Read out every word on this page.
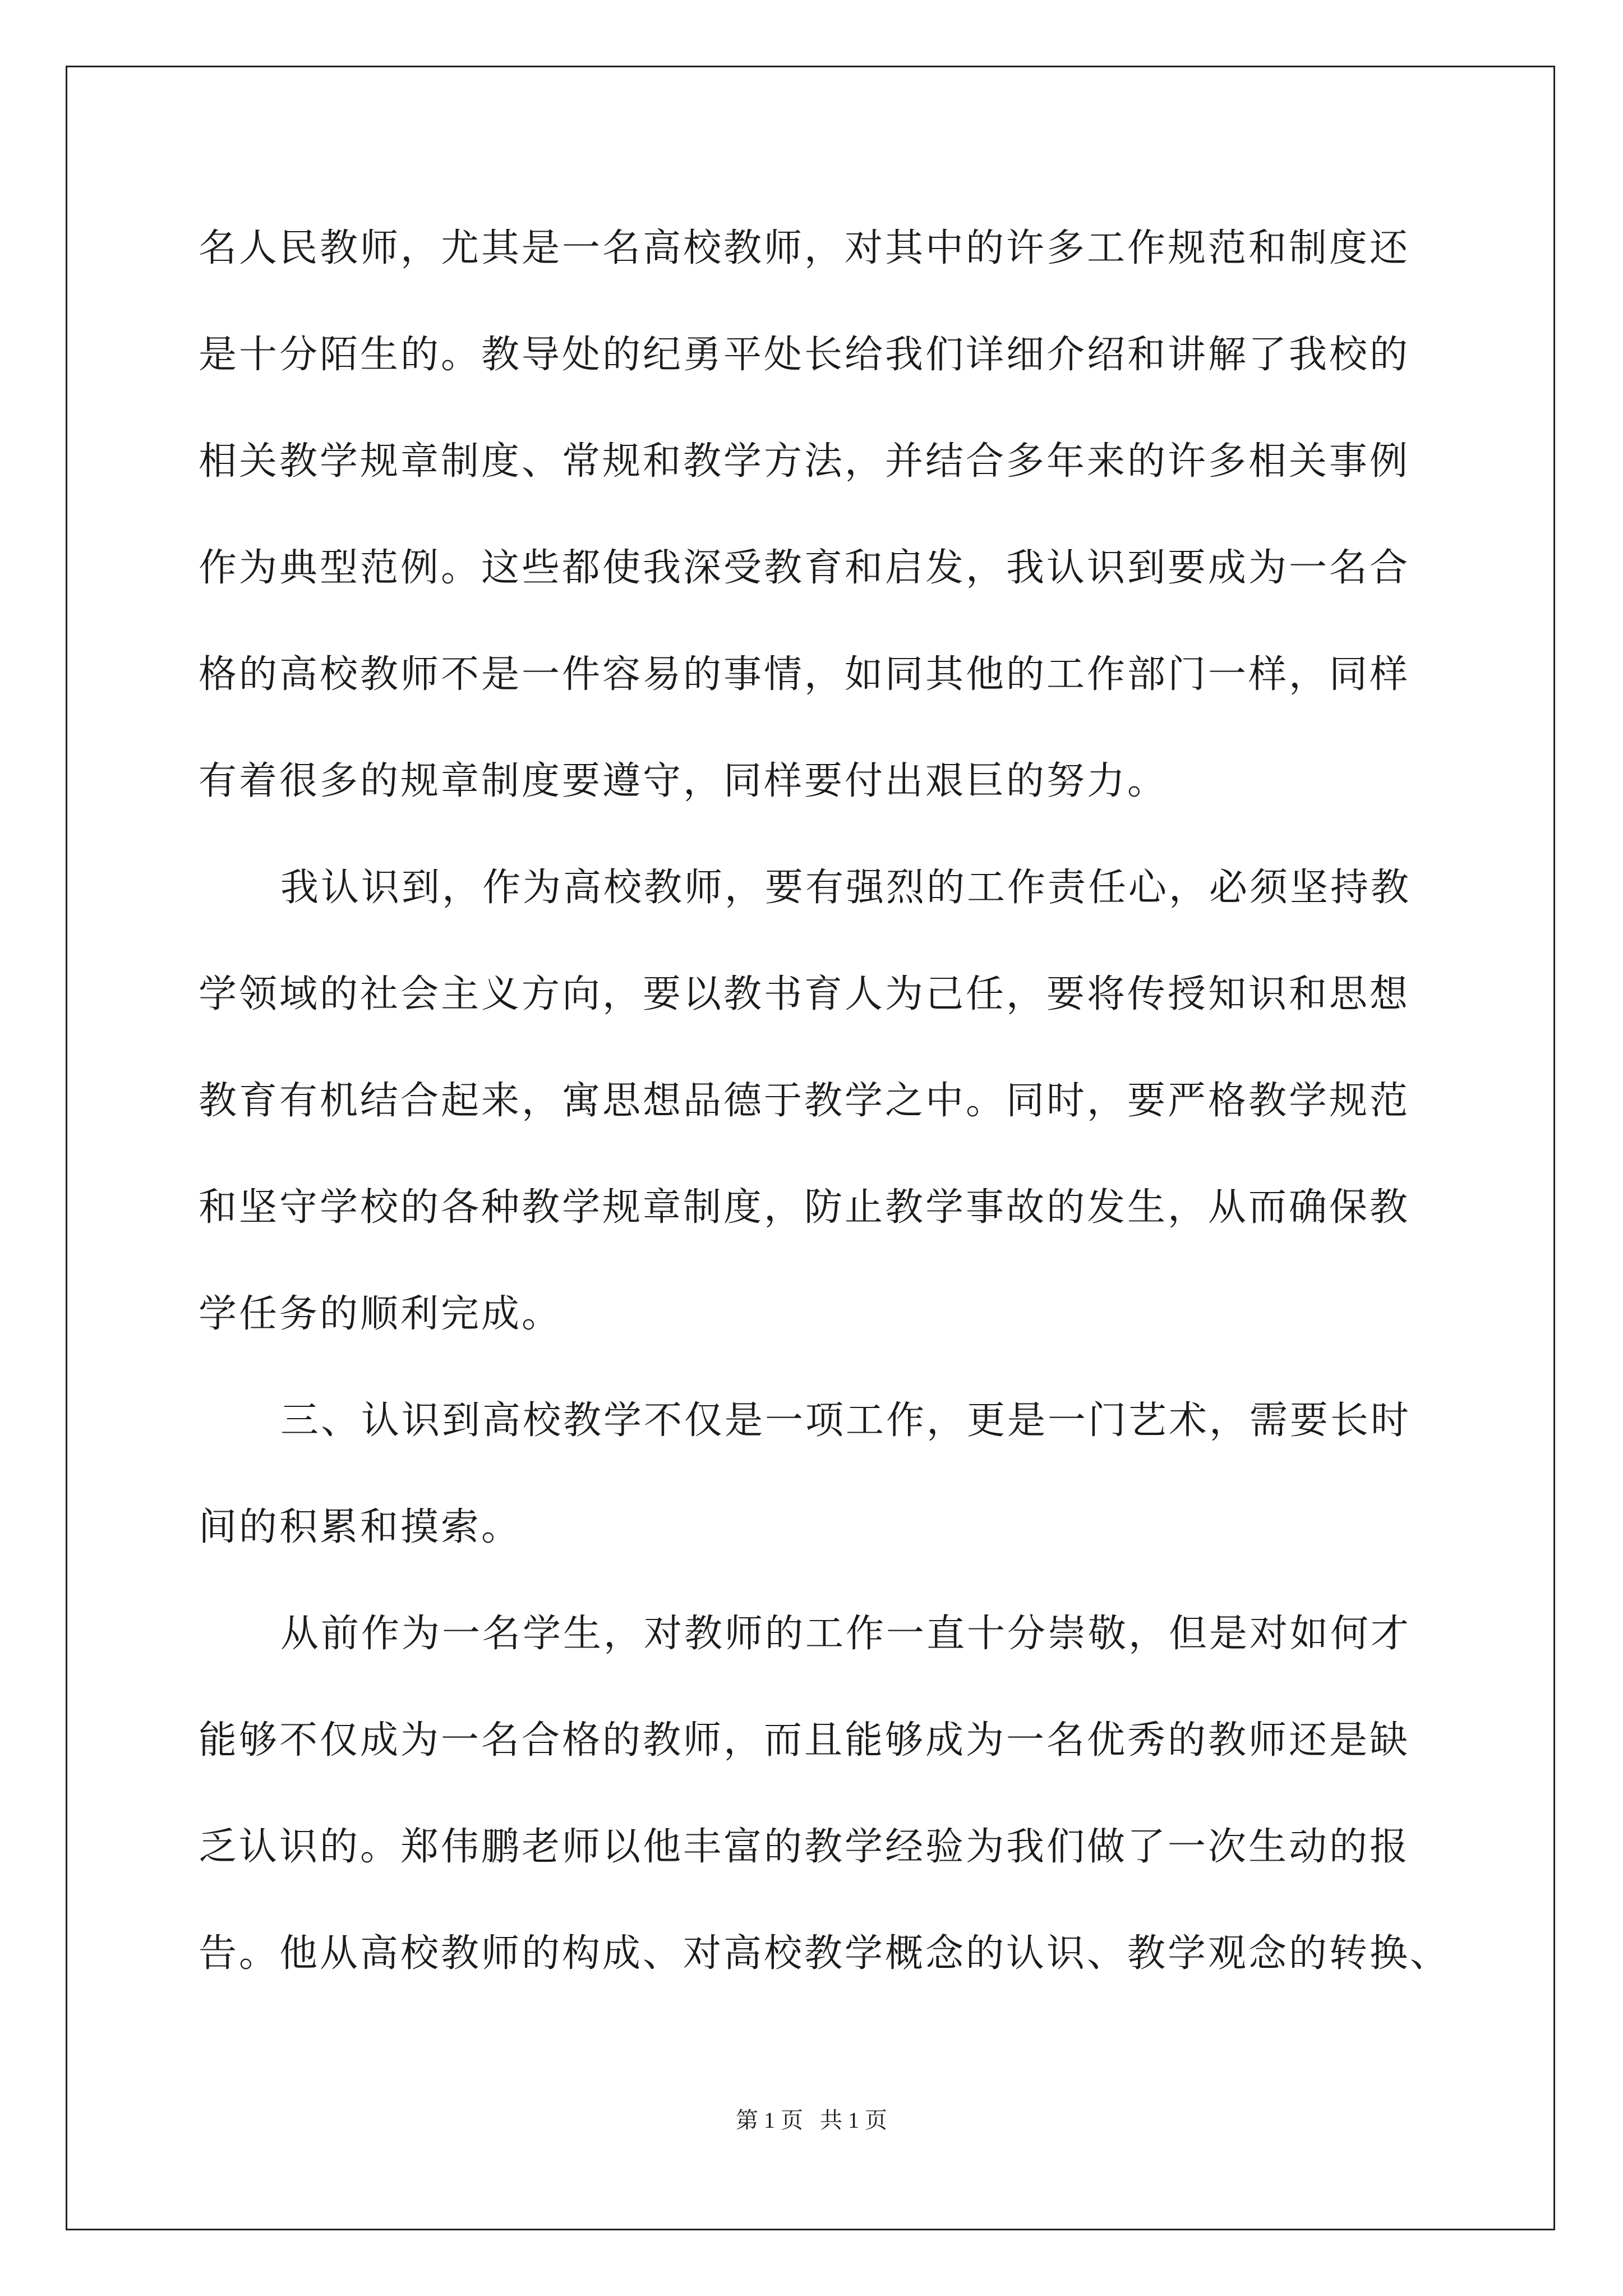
名人民教师，尤其是一名高校教师，对其中的许多工作规范和制度还
是十分陌生的。教导处的纪勇平处长给我们详细介绍和讲解了我校的
相关教学规章制度、常规和教学方法，并结合多年来的许多相关事例
作为典型范例。这些都使我深受教育和启发，我认识到要成为一名合
格的高校教师不是一件容易的事情，如同其他的工作部门一样，同样
有着很多的规章制度要遵守，同样要付出艰巨的努力。
我认识到，作为高校教师，要有强烈的工作责任心，必须坚持教
学领域的社会主义方向，要以教书育人为己任，要将传授知识和思想
教育有机结合起来，寓思想品德于教学之中。同时，要严格教学规范
和坚守学校的各种教学规章制度，防止教学事故的发生，从而确保教
学任务的顺利完成。
三、认识到高校教学不仅是一项工作，更是一门艺术，需要长时
间的积累和摸索。
从前作为一名学生，对教师的工作一直十分崇敬，但是对如何才
能够不仅成为一名合格的教师，而且能够成为一名优秀的教师还是缺
乏认识的。郑伟鹏老师以他丰富的教学经验为我们做了一次生动的报
告。他从高校教师的构成、对高校教学概念的认识、教学观念的转换、
第 1 页   共 1 页
